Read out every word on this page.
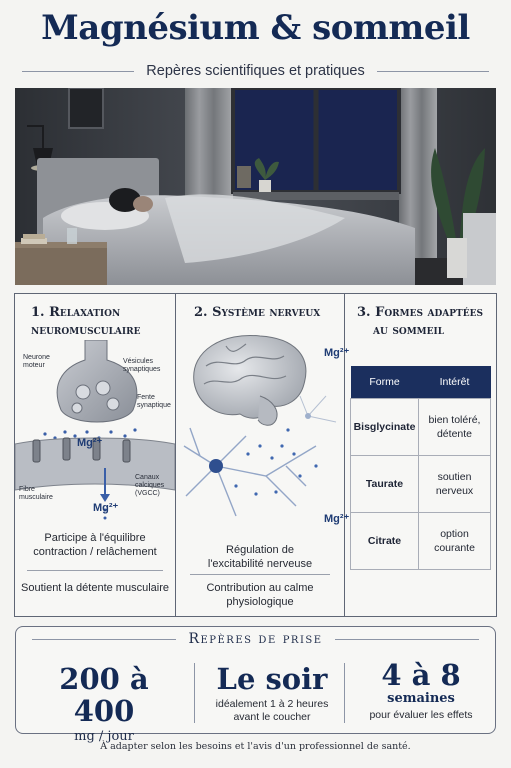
Magnésium & sommeil
Repères scientifiques et pratiques
1. Relaxation
neuromusculaire
Neurone moteur
Vésicules synaptiques
Fente synaptique
Mg²⁺
Fibre musculaire
Canaux calciques (VGCC)
Mg²⁺
Participe à l'équilibre contraction / relâchement
Soutient la détente musculaire
2. Système nerveux
Mg²⁺
Mg²⁺
Régulation de l'excitabilité nerveuse
Contribution au calme physiologique
3. Formes adaptées
au sommeil
Forme	Intérêt
Bisglycinate	bien toléré, détente
Taurate	soutien nerveux
Citrate	option courante
Repères de prise
200 à 400
mg / jour
Le soir
idéalement 1 à 2 heures avant le coucher
4 à 8
semaines
pour évaluer les effets
À adapter selon les besoins et l'avis d'un professionnel de santé.
